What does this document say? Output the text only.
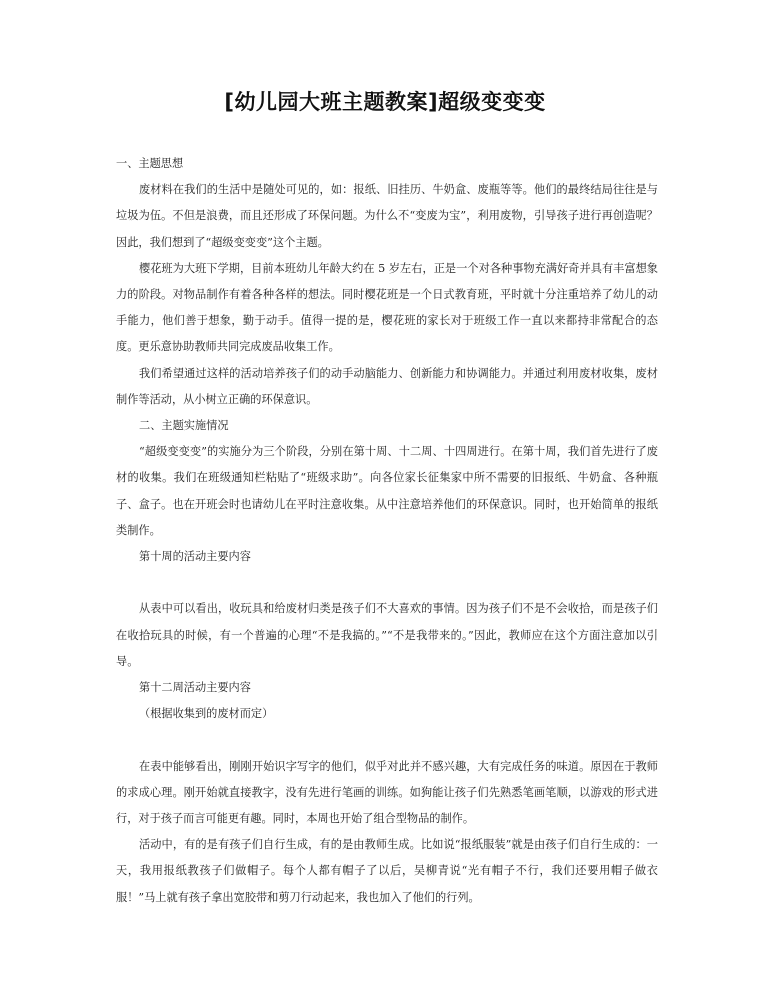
[幼儿园大班主题教案]超级变变变

一、主题思想

废材料在我们的生活中是随处可见的，如：报纸、旧挂历、牛奶盒、废瓶等等。他们的最终结局往往是与垃圾为伍。不但是浪费，而且还形成了环保问题。为什么不“变废为宝”，利用废物，引导孩子进行再创造呢？因此，我们想到了“超级变变变”这个主题。

樱花班为大班下学期，目前本班幼儿年龄大约在 5 岁左右，正是一个对各种事物充满好奇并具有丰富想象力的阶段。对物品制作有着各种各样的想法。同时樱花班是一个日式教育班，平时就十分注重培养了幼儿的动手能力，他们善于想象，勤于动手。值得一提的是，樱花班的家长对于班级工作一直以来都持非常配合的态度。更乐意协助教师共同完成废品收集工作。

我们希望通过这样的活动培养孩子们的动手动脑能力、创新能力和协调能力。并通过利用废材收集，废材制作等活动，从小树立正确的环保意识。

二、主题实施情况

“超级变变变”的实施分为三个阶段，分别在第十周、十二周、十四周进行。在第十周，我们首先进行了废材的收集。我们在班级通知栏粘贴了“班级求助”。向各位家长征集家中所不需要的旧报纸、牛奶盒、各种瓶子、盒子。也在开班会时也请幼儿在平时注意收集。从中注意培养他们的环保意识。同时，也开始简单的报纸类制作。

第十周的活动主要内容

从表中可以看出，收玩具和给废材归类是孩子们不大喜欢的事情。因为孩子们不是不会收拾，而是孩子们在收拾玩具的时候，有一个普遍的心理“不是我搞的。”“不是我带来的。”因此，教师应在这个方面注意加以引导。

第十二周活动主要内容

（根据收集到的废材而定）

在表中能够看出，刚刚开始识字写字的他们，似乎对此并不感兴趣，大有完成任务的味道。原因在于教师的求成心理。刚开始就直接教字，没有先进行笔画的训练。如狗能让孩子们先熟悉笔画笔顺，以游戏的形式进行，对于孩子而言可能更有趣。同时，本周也开始了组合型物品的制作。

活动中，有的是有孩子们自行生成，有的是由教师生成。比如说“报纸服装”就是由孩子们自行生成的：一天，我用报纸教孩子们做帽子。每个人都有帽子了以后，吴柳青说“光有帽子不行，我们还要用帽子做衣服！”马上就有孩子拿出宽胶带和剪刀行动起来，我也加入了他们的行列。
